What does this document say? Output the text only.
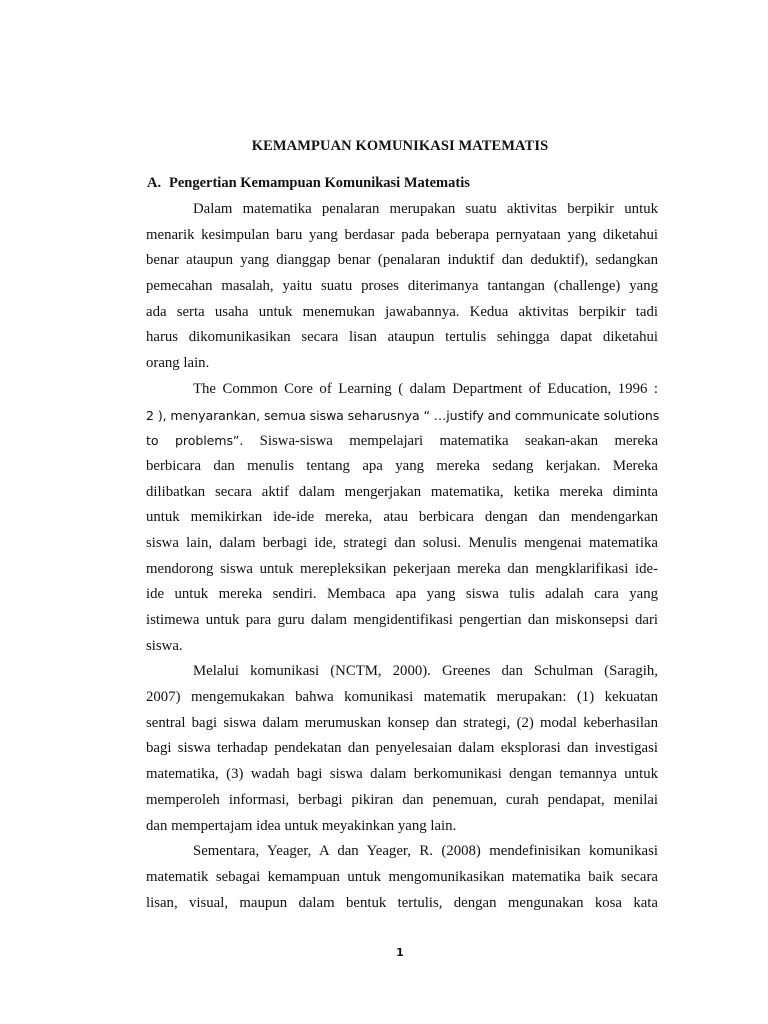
KEMAMPUAN KOMUNIKASI MATEMATIS
A. Pengertian Kemampuan Komunikasi Matematis
Dalam matematika penalaran merupakan suatu aktivitas berpikir untuk
menarik kesimpulan baru yang berdasar pada beberapa pernyataan yang diketahui
benar ataupun yang dianggap benar (penalaran induktif dan deduktif), sedangkan
pemecahan masalah, yaitu suatu proses diterimanya tantangan (challenge) yang
ada serta usaha untuk menemukan jawabannya. Kedua aktivitas berpikir tadi
harus dikomunikasikan secara lisan ataupun tertulis sehingga dapat diketahui
orang lain.
The Common Core of Learning ( dalam Department of Education, 1996 :
2 ), menyarankan, semua siswa seharusnya “ …justify and communicate solutions
to problems”. Siswa-siswa mempelajari matematika seakan-akan mereka
berbicara dan menulis tentang apa yang mereka sedang kerjakan. Mereka
dilibatkan secara aktif dalam mengerjakan matematika, ketika mereka diminta
untuk memikirkan ide-ide mereka, atau berbicara dengan dan mendengarkan
siswa lain, dalam berbagi ide, strategi dan solusi. Menulis mengenai matematika
mendorong siswa untuk merepleksikan pekerjaan mereka dan mengklarifikasi ide-
ide untuk mereka sendiri. Membaca apa yang siswa tulis adalah cara yang
istimewa untuk para guru dalam mengidentifikasi pengertian dan miskonsepsi dari
siswa.
Melalui komunikasi (NCTM, 2000). Greenes dan Schulman (Saragih,
2007) mengemukakan bahwa komunikasi matematik merupakan: (1) kekuatan
sentral bagi siswa dalam merumuskan konsep dan strategi, (2) modal keberhasilan
bagi siswa terhadap pendekatan dan penyelesaian dalam eksplorasi dan investigasi
matematika, (3) wadah bagi siswa dalam berkomunikasi dengan temannya untuk
memperoleh informasi, berbagi pikiran dan penemuan, curah pendapat, menilai
dan mempertajam idea untuk meyakinkan yang lain.
Sementara, Yeager, A dan Yeager, R. (2008) mendefinisikan komunikasi
matematik sebagai kemampuan untuk mengomunikasikan matematika baik secara
lisan, visual, maupun dalam bentuk tertulis, dengan mengunakan kosa kata
1
